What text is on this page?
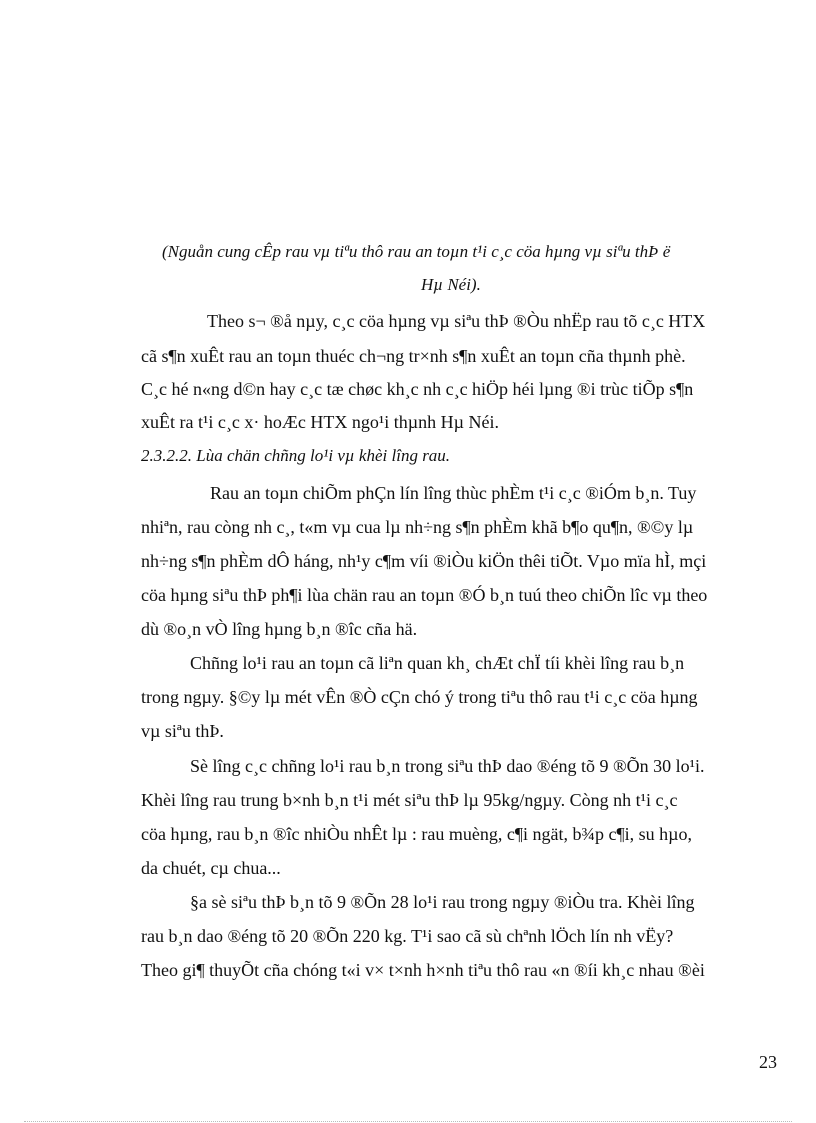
(Nguån cung cÊp rau vµ tiªu thô rau an toµn t¹i c¸c cöa hµng vµ siªu thÞ ë
Hµ Néi).
Theo s¬ ®å nµy, c¸c cöa hµng vµ siªu thÞ ®Òu nhËp rau tõ c¸c HTX
cã s¶n xuÊt rau an toµn thuéc ch¬ng tr×nh s¶n xuÊt an toµn cña thµnh phè.
C¸c hé n«ng d©n hay c¸c tæ chøc kh¸c nh c¸c hiÖp héi lµng ®i trùc tiÕp s¶n
xuÊt ra t¹i c¸c x· hoÆc HTX ngo¹i thµnh Hµ Néi.
2.3.2.2. Lùa chän chñng lo¹i vµ khèi lîng rau.
Rau an toµn chiÕm phÇn lín lîng thùc phÈm t¹i c¸c ®iÓm b¸n. Tuy
nhiªn, rau còng nh c¸, t«m vµ cua lµ nh÷ng s¶n phÈm khã b¶o qu¶n, ®©y lµ
nh÷ng s¶n phÈm dÔ háng, nh¹y c¶m víi ®iÒu kiÖn thêi tiÕt. Vµo mïa hÌ, mçi
cöa hµng siªu thÞ ph¶i lùa chän rau an toµn ®Ó b¸n tuú theo chiÕn lîc vµ theo
dù ®o¸n vÒ lîng hµng b¸n ®îc cña hä.
Chñng lo¹i rau an toµn cã liªn quan kh¸ chÆt chÏ tíi khèi lîng rau b¸n
trong ngµy. §©y lµ mét vÊn ®Ò cÇn chó ý trong tiªu thô rau t¹i c¸c cöa hµng
vµ siªu thÞ.
Sè lîng c¸c chñng lo¹i rau b¸n trong siªu thÞ dao ®éng tõ 9 ®Õn 30 lo¹i.
Khèi lîng rau trung b×nh b¸n t¹i mét siªu thÞ lµ 95kg/ngµy. Còng nh t¹i c¸c
cöa hµng, rau b¸n ®îc nhiÒu nhÊt lµ : rau muèng, c¶i ngät, b¾p c¶i, su hµo,
da chuét, cµ chua...
§a sè siªu thÞ b¸n tõ 9 ®Õn 28 lo¹i rau trong ngµy ®iÒu tra. Khèi lîng
rau b¸n dao ®éng tõ 20 ®Õn 220 kg. T¹i sao cã sù chªnh lÖch lín nh vËy?
Theo gi¶ thuyÕt cña chóng t«i v× t×nh h×nh tiªu thô rau «n ®íi kh¸c nhau ®èi
23
